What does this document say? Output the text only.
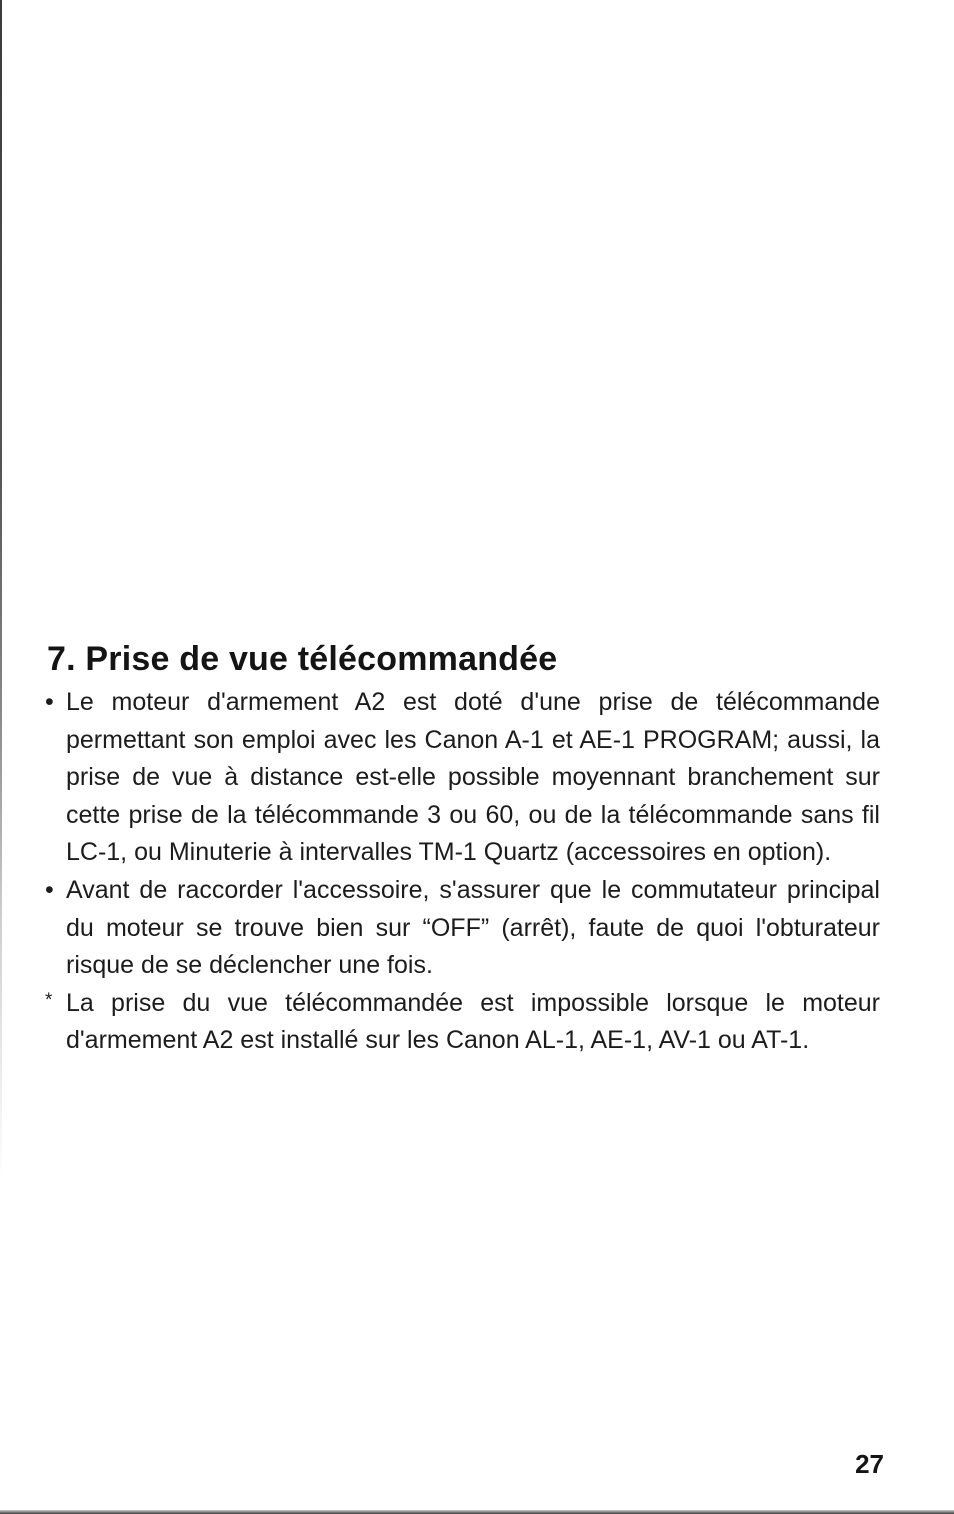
7. Prise de vue télécommandée
• Le moteur d'armement A2 est doté d'une prise de télécommande permettant son emploi avec les Canon A-1 et AE-1 PROGRAM; aussi, la prise de vue à distance est-elle possible moyennant branchement sur cette prise de la télécommande 3 ou 60, ou de la télécommande sans fil LC-1, ou Minuterie à intervalles TM-1 Quartz (accessoires en option).
• Avant de raccorder l'accessoire, s'assurer que le commutateur principal du moteur se trouve bien sur “OFF” (arrêt), faute de quoi l'obturateur risque de se déclencher une fois.
* La prise du vue télécommandée est impossible lorsque le moteur d'armement A2 est installé sur les Canon AL-1, AE-1, AV-1 ou AT-1.
27
